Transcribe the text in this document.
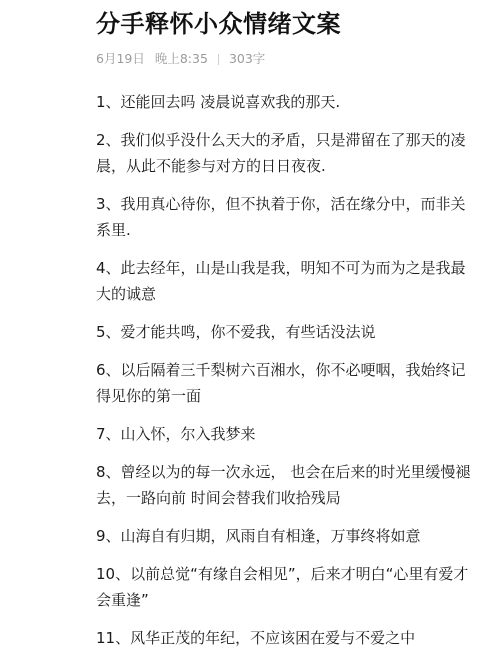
分手释怀小众情绪文案
6月19日 晚上8:35 303字
1、还能回去吗 凌晨说喜欢我的那天.
2、我们似乎没什么天大的矛盾，只是滞留在了那天的凌晨，从此不能参与对方的日日夜夜.
3、我用真心待你，但不执着于你，活在缘分中，而非关系里.
4、此去经年，山是山我是我，明知不可为而为之是我最大的诚意
5、爱才能共鸣，你不爱我，有些话没法说
6、以后隔着三千梨树六百湘水，你不必哽咽，我始终记得见你的第一面
7、山入怀，尔入我梦来
8、曾经以为的每一次永远， 也会在后来的时光里缓慢褪去，一路向前 时间会替我们收拾残局
9、山海自有归期，风雨自有相逢，万事终将如意
10、以前总觉“有缘自会相见”，后来才明白“心里有爱才会重逢”
11、风华正茂的年纪，不应该困在爱与不爱之中
